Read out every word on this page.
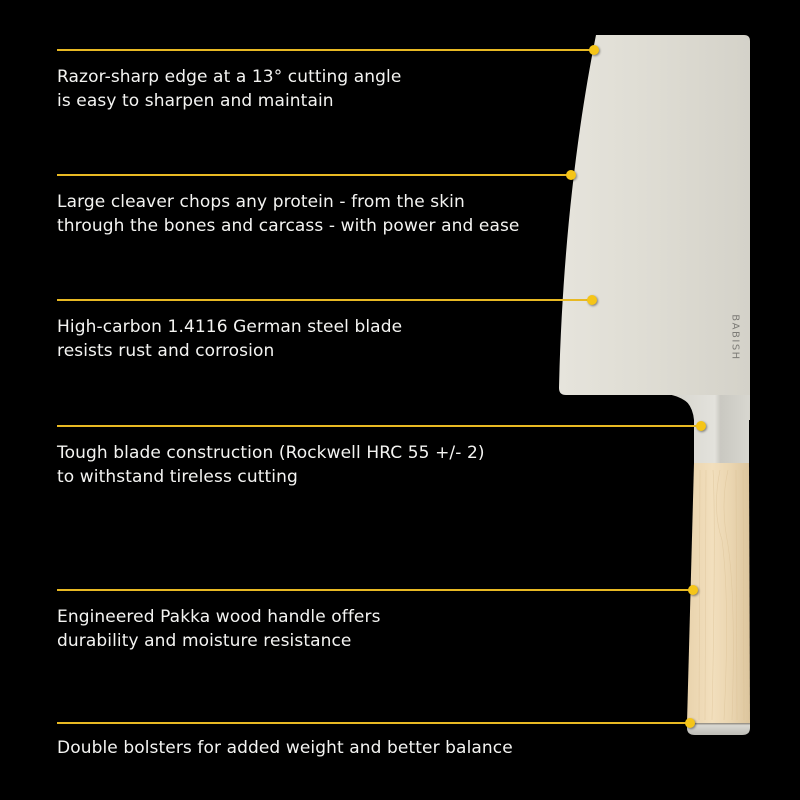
BABISH
Razor-sharp edge at a 13° cutting angle
is easy to sharpen and maintain
Large cleaver chops any protein - from the skin
through the bones and carcass - with power and ease
High-carbon 1.4116 German steel blade
resists rust and corrosion
Tough blade construction (Rockwell HRC 55 +/- 2)
to withstand tireless cutting
Engineered Pakka wood handle offers
durability and moisture resistance
Double bolsters for added weight and better balance
